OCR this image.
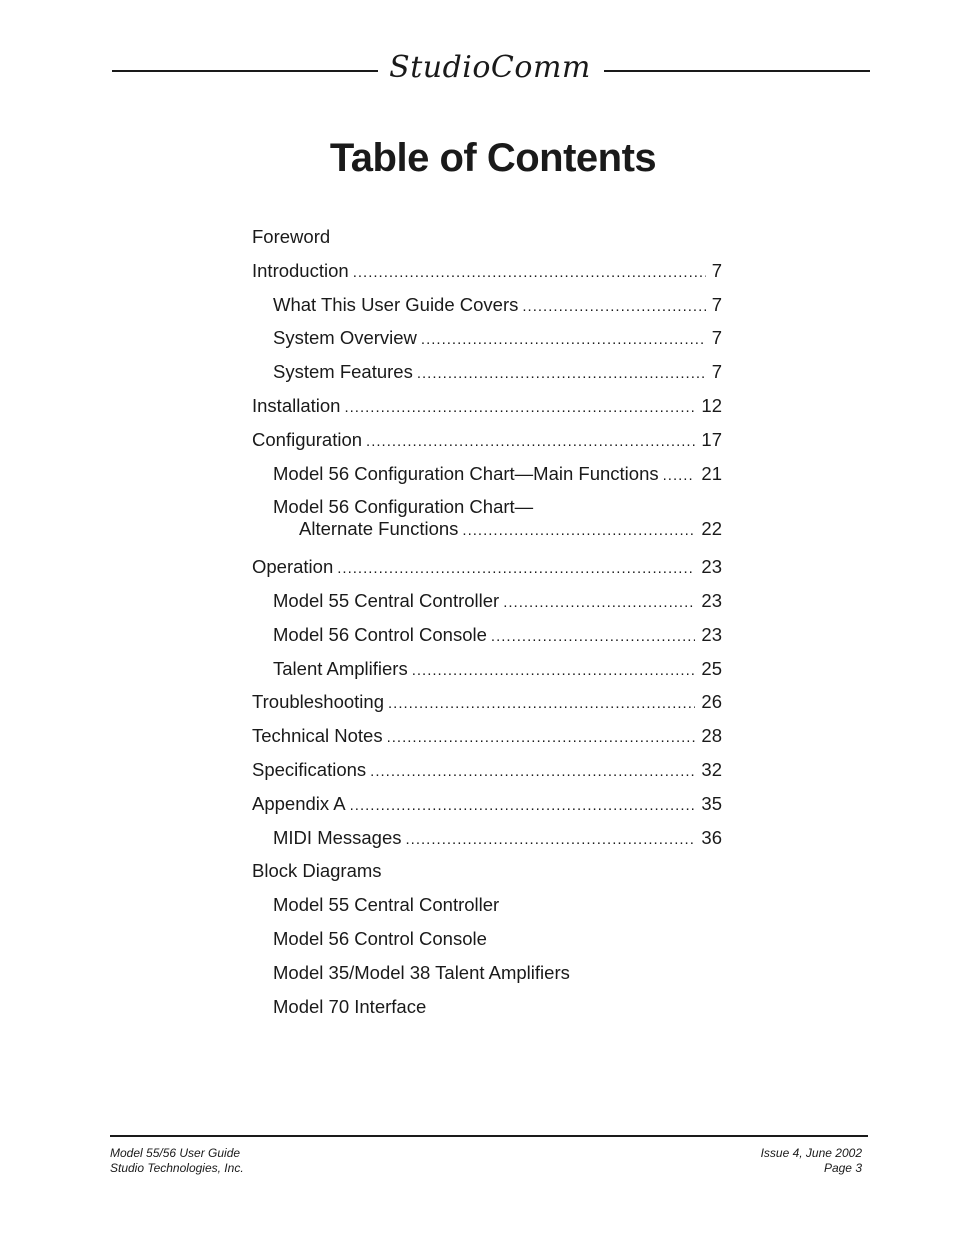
StudioComm
Table of Contents
Foreword
Introduction .....	7
What This User Guide Covers .....	7
System Overview .....	7
System Features .....	7
Installation .....	12
Configuration .....	17
Model 56 Configuration Chart—Main Functions ..... 21
Model 56 Configuration Chart—
Alternate Functions .....	22
Operation .....	23
Model 55 Central Controller .....	23
Model 56 Control Console .....	23
Talent Amplifiers .....	25
Troubleshooting .....	26
Technical Notes .....	28
Specifications .....	32
Appendix A .....	35
MIDI Messages .....	36
Block Diagrams
Model 55 Central Controller
Model 56 Control Console
Model 35/Model 38 Talent Amplifiers
Model 70 Interface
Model 55/56 User Guide
Studio Technologies, Inc.
Issue 4, June 2002
Page 3
